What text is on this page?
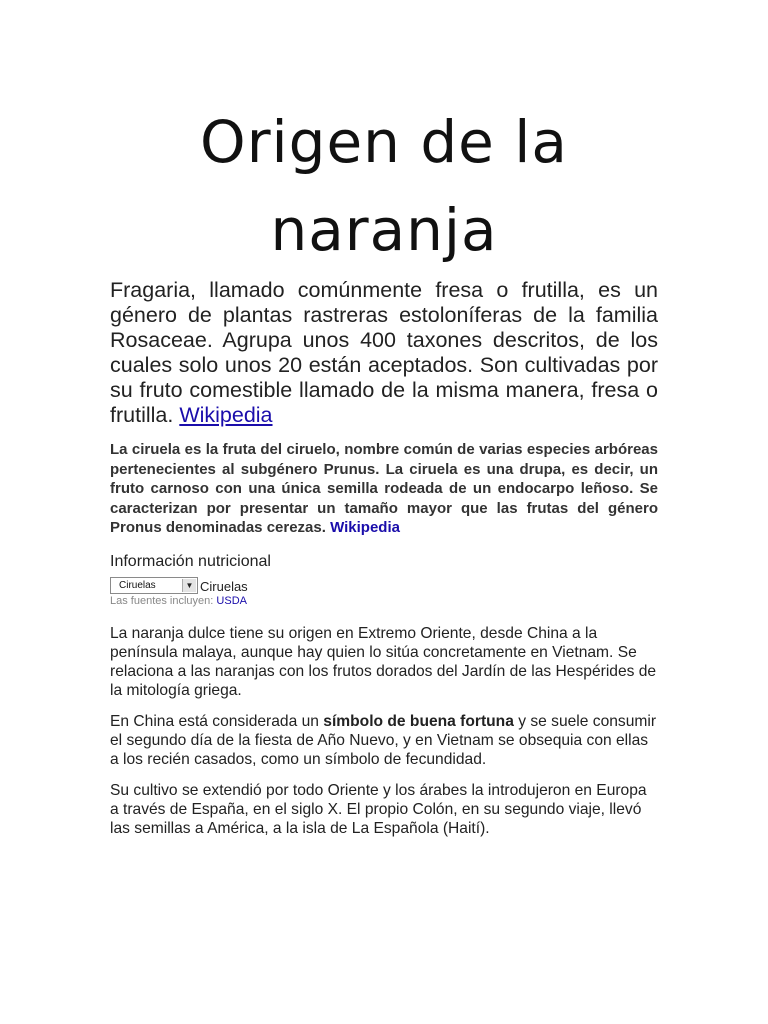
Origen de la naranja

Fragaria, llamado comúnmente fresa o frutilla, es un género de plantas rastreras estoloníferas de la familia Rosaceae. Agrupa unos 400 taxones descritos, de los cuales solo unos 20 están aceptados. Son cultivadas por su fruto comestible llamado de la misma manera, fresa o frutilla. Wikipedia

La ciruela es la fruta del ciruelo, nombre común de varias especies arbóreas pertenecientes al subgénero Prunus. La ciruela es una drupa, es decir, un fruto carnoso con una única semilla rodeada de un endocarpo leñoso. Se caracterizan por presentar un tamaño mayor que las frutas del género Pronus denominadas cerezas. Wikipedia

Información nutricional
Ciruelas	▼ Ciruelas
Las fuentes incluyen: USDA

La naranja dulce tiene su origen en Extremo Oriente, desde China a la península malaya, aunque hay quien lo sitúa concretamente en Vietnam. Se relaciona a las naranjas con los frutos dorados del Jardín de las Hespérides de la mitología griega.

En China está considerada un símbolo de buena fortuna y se suele consumir el segundo día de la fiesta de Año Nuevo, y en Vietnam se obsequia con ellas a los recién casados, como un símbolo de fecundidad.

Su cultivo se extendió por todo Oriente y los árabes la introdujeron en Europa a través de España, en el siglo X. El propio Colón, en su segundo viaje, llevó las semillas a América, a la isla de La Española (Haití).
